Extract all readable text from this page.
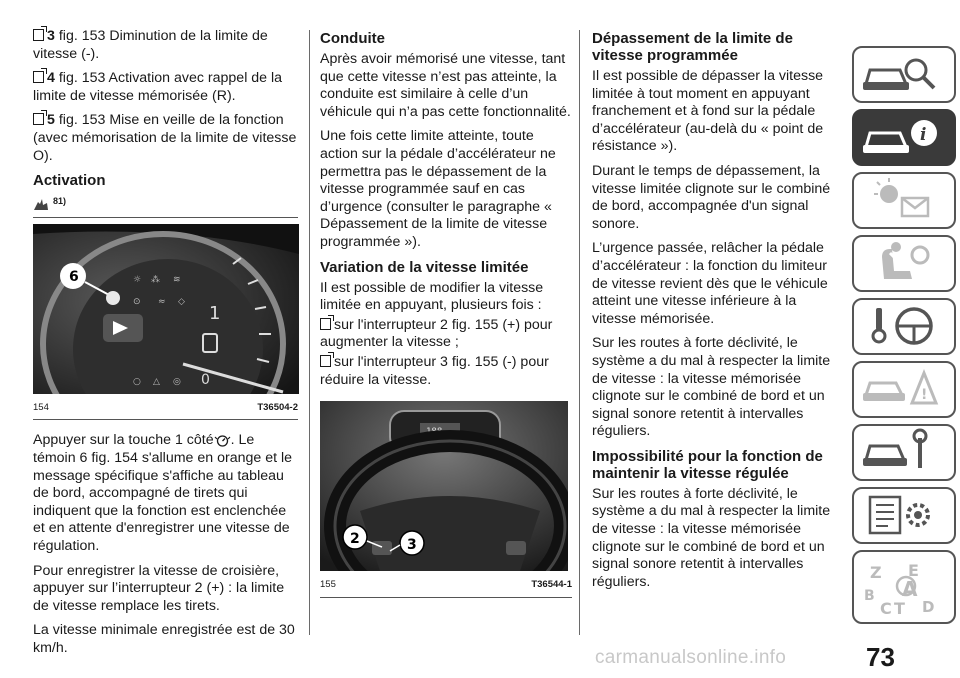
3 fig. 153 Diminution de la limite de vitesse (-).

4 fig. 153 Activation avec rappel de la limite de vitesse mémorisée (R).

5 fig. 153 Mise en veille de la fonction (avec mémorisation de la limite de vitesse O).

Activation
81)
☼ ⁂ ≋
⊙ ≈ ◇
○ △ ◎
6
1
0
154	T36504-2

Appuyer sur la touche 1 côté . Le témoin 6 fig. 154 s'allume en orange et le message spécifique s'affiche au tableau de bord, accompagné de tirets qui indiquent que la fonction est enclenchée et en attente d'enregistrer une vitesse de régulation.

Pour enregistrer la vitesse de croisière, appuyer sur l’interrupteur 2 (+) : la limite de vitesse remplace les tirets.

La vitesse minimale enregistrée est de 30 km/h.

Conduite

Après avoir mémorisé une vitesse, tant que cette vitesse n’est pas atteinte, la conduite est similaire à celle d’un véhicule qui n’a pas cette fonctionnalité.

Une fois cette limite atteinte, toute action sur la pédale d’accélérateur ne permettra pas le dépassement de la vitesse programmée sauf en cas d’urgence (consulter le paragraphe « Dépassement de la limite de vitesse programmée »).

Variation de la vitesse limitée

Il est possible de modifier la vitesse limitée en appuyant, plusieurs fois :

sur l'interrupteur 2 fig. 155 (+) pour augmenter la vitesse ;

sur l'interrupteur 3 fig. 155 (-) pour réduire la vitesse.

188
2	3
155	T36544-1
Dépassement de la limite de vitesse programmée

Il est possible de dépasser la vitesse limitée à tout moment en appuyant franchement et à fond sur la pédale d’accélérateur (au-delà du « point de résistance »).

Durant le temps de dépassement, la vitesse limitée clignote sur le combiné de bord, accompagnée d'un signal sonore.

L’urgence passée, relâcher la pédale d’accélérateur : la fonction du limiteur de vitesse revient dès que le véhicule atteint une vitesse inférieure à la vitesse mémorisée.

Sur les routes à forte déclivité, le système a du mal à respecter la limite de vitesse : la vitesse mémorisée clignote sur le combiné de bord et un signal sonore retentit à intervalles réguliers.

Impossibilité pour la fonction de maintenir la vitesse régulée

Sur les routes à forte déclivité, le système a du mal à respecter la limite de vitesse : la vitesse mémorisée clignote sur le combiné de bord et un signal sonore retentit à intervalles réguliers.

i
!
Z E
B
C T
A
D
carmanualsonline.info	73
